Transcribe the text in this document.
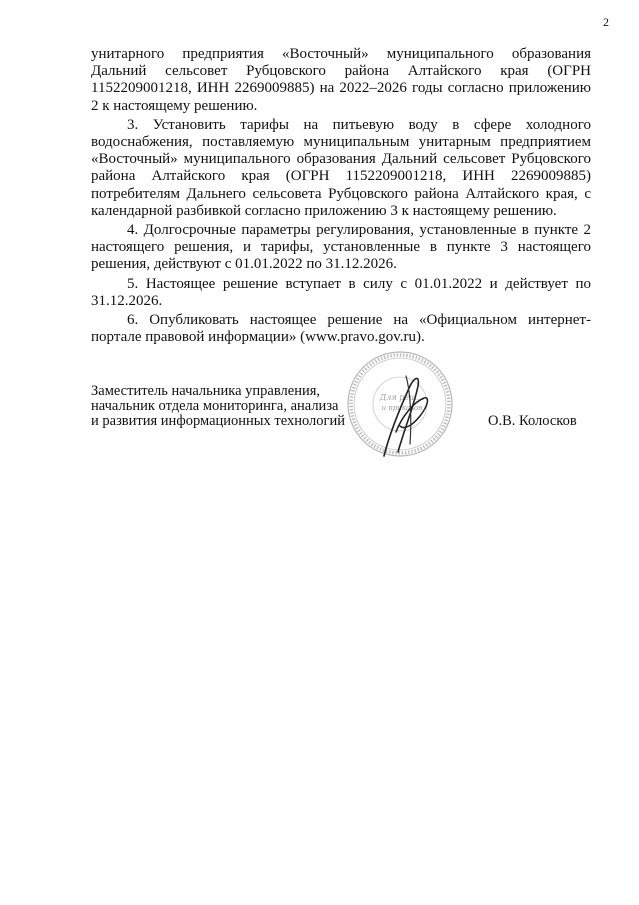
2

унитарного предприятия «Восточный» муниципального образования Дальний сельсовет Рубцовского района Алтайского края (ОГРН 1152209001218, ИНН 2269009885) на 2022–2026 годы согласно приложению 2 к настоящему решению.

3. Установить тарифы на питьевую воду в сфере холодного водоснабжения, поставляемую муниципальным унитарным предприятием «Восточный» муниципального образования Дальний сельсовет Рубцовского района Алтайского края (ОГРН 1152209001218, ИНН 2269009885) потребителям Дальнего сельсовета Рубцовского района Алтайского края, с календарной разбивкой согласно приложению 3 к настоящему решению.

4. Долгосрочные параметры регулирования, установленные в пункте 2 настоящего решения, и тарифы, установленные в пункте 3 настоящего решения, действуют с 01.01.2022 по 31.12.2026.

5. Настоящее решение вступает в силу с 01.01.2022 и действует по 31.12.2026.

6. Опубликовать настоящее решение на «Официальном интернет-портале правовой информации» (www.pravo.gov.ru).

Заместитель начальника управления,
начальник отдела мониторинга, анализа
и развития информационных технологий	О.В. Колосков
Для реш...
и приказов
